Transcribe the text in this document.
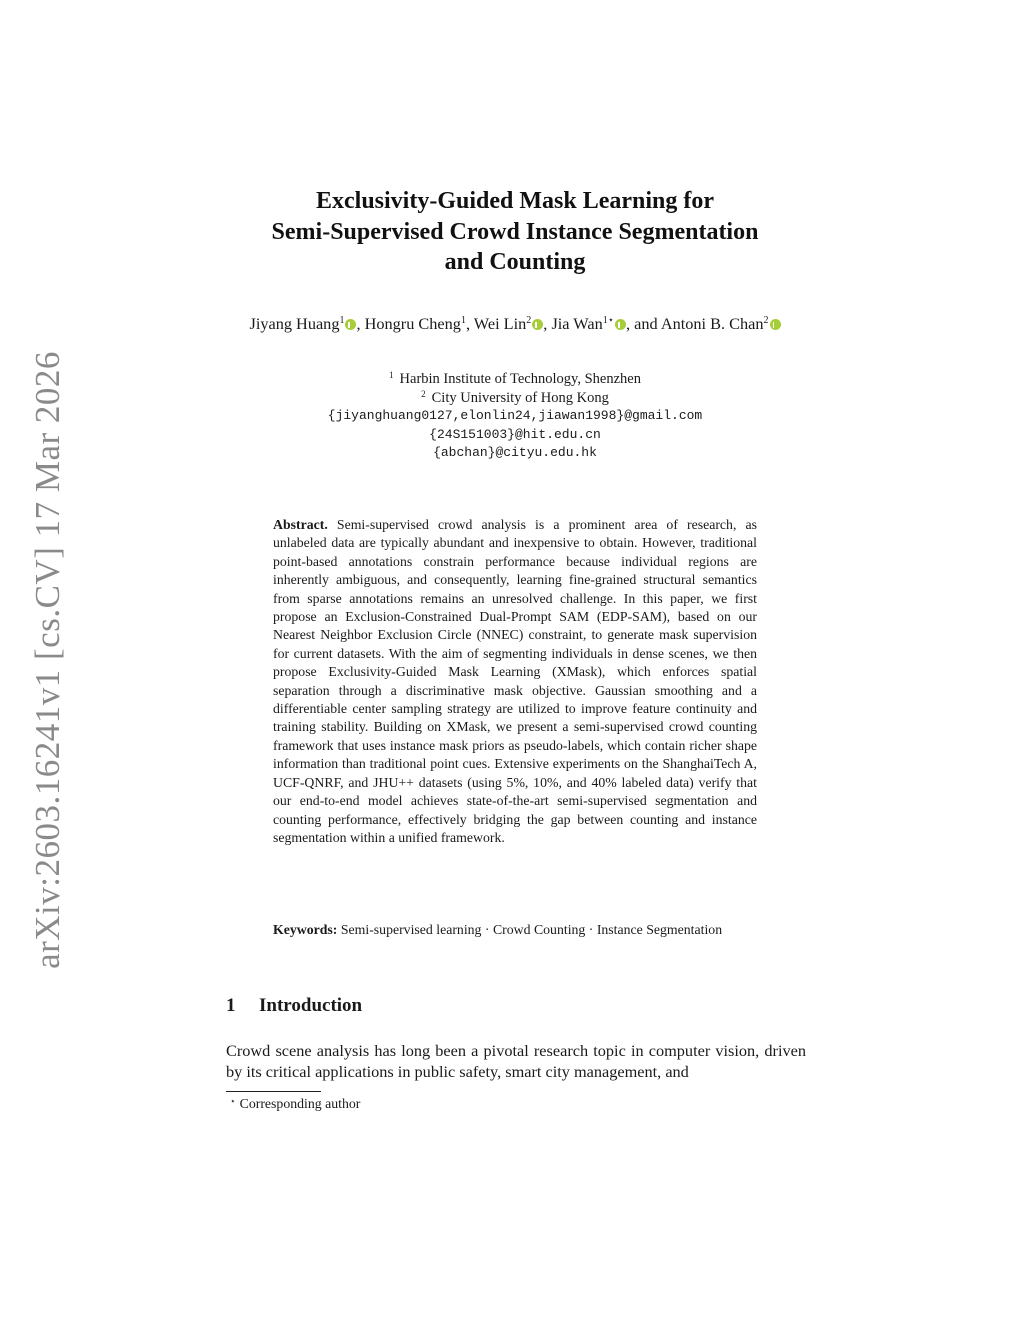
arXiv:2603.16241v1 [cs.CV] 17 Mar 2026
Exclusivity-Guided Mask Learning for
Semi-Supervised Crowd Instance Segmentation
and Counting
Jiyang Huang$^1$ , Hongru Cheng$^1$, Wei Lin$^2$ , Jia Wan$^{1⋆}$ , and Antoni B. Chan$^2$
$^1$ Harbin Institute of Technology, Shenzhen
$^2$ City University of Hong Kong
{jiyanghuang0127,elonlin24,jiawan1998}@gmail.com
{24S151003}@hit.edu.cn
{abchan}@cityu.edu.hk
Abstract. Semi-supervised crowd analysis is a prominent area of research, as unlabeled data are typically abundant and inexpensive to obtain. However, traditional point-based annotations constrain performance because individual regions are inherently ambiguous, and consequently, learning fine-grained structural semantics from sparse annotations remains an unresolved challenge. In this paper, we first propose an Exclusion-Constrained Dual-Prompt SAM (EDP-SAM), based on our Nearest Neighbor Exclusion Circle (NNEC) constraint, to generate mask supervision for current datasets. With the aim of segmenting individuals in dense scenes, we then propose Exclusivity-Guided Mask Learning (XMask), which enforces spatial separation through a discriminative mask objective. Gaussian smoothing and a differentiable center sampling strategy are utilized to improve feature continuity and training stability. Building on XMask, we present a semi-supervised crowd counting framework that uses instance mask priors as pseudo-labels, which contain richer shape information than traditional point cues. Extensive experiments on the ShanghaiTech A, UCF-QNRF, and JHU++ datasets (using 5%, 10%, and 40% labeled data) verify that our end-to-end model achieves state-of-the-art semi-supervised segmentation and counting performance, effectively bridging the gap between counting and instance segmentation within a unified framework.
Keywords: Semi-supervised learning · Crowd Counting · Instance Segmentation
1 Introduction
Crowd scene analysis has long been a pivotal research topic in computer vision, driven by its critical applications in public safety, smart city management, and
⋆ Corresponding author
